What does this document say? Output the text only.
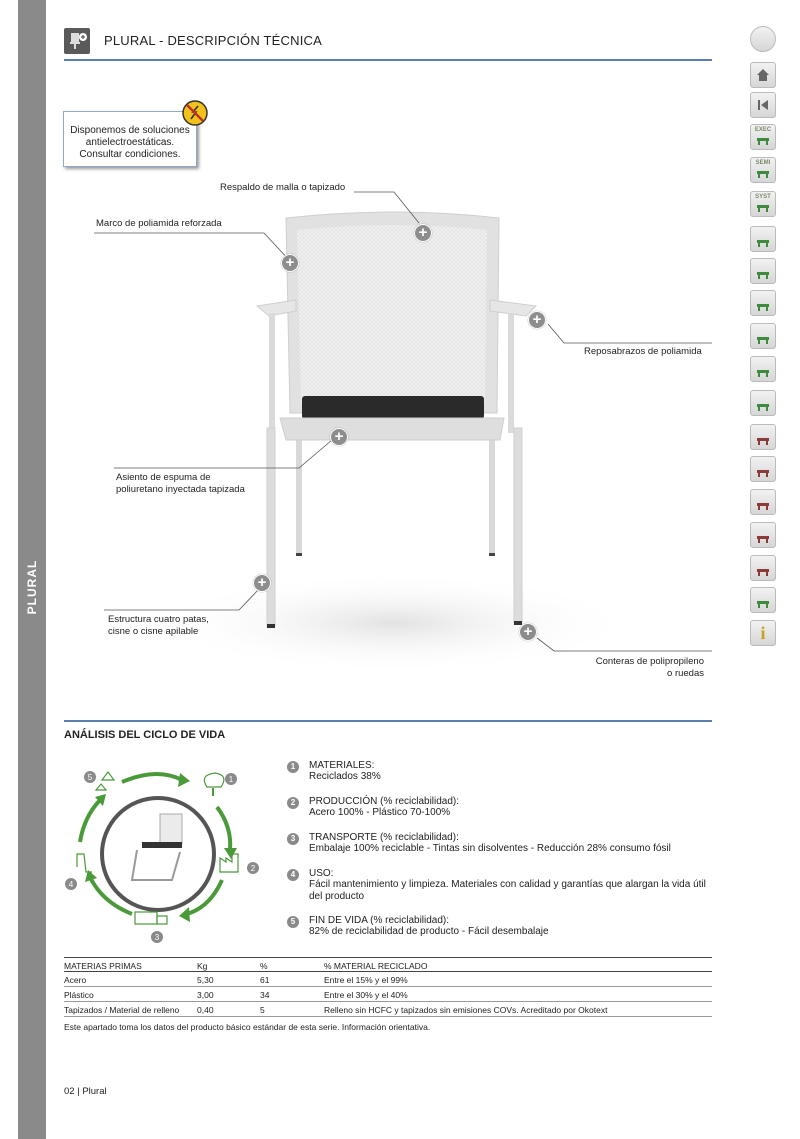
PLURAL
PLURAL - DESCRIPCIÓN TÉCNICA
EXEC
SEMI
SYST
i
Disponemos de soluciones antielectroestáticas. Consultar condiciones.
Respaldo de malla o tapizado
Marco de poliamida reforzada
Reposabrazos de poliamida
Asiento de espuma de
poliuretano inyectada tapizada
Estructura cuatro patas,
cisne o cisne apilable
Conteras de polipropileno
o ruedas
+
+
+
+
+
+
ANÁLISIS DEL CICLO DE VIDA
1
2
3
4
5
1	MATERIALES:
Reciclados 38%
2	PRODUCCIÓN (% reciclabilidad):
Acero 100% - Plástico 70-100%
3	TRANSPORTE (% reciclabilidad):
Embalaje 100% reciclable - Tintas sin disolventes - Reducción 28% consumo fósil
4	USO:
Fácil mantenimiento y limpieza. Materiales con calidad y garantías que alargan la vida útil del producto
5	FIN DE VIDA (% reciclabilidad):
82% de reciclabilidad de producto - Fácil desembalaje
MATERIAS PRIMAS	Kg	%	% MATERIAL RECICLADO
Acero	5,30	61	Entre el 15% y el 99%
Plástico	3,00	34	Entre el 30% y el 40%
Tapizados / Material de relleno 0,40	5	Relleno sin HCFC y tapizados sin emisiones COVs. Acreditado por Okotext
Este apartado toma los datos del producto básico estándar de esta serie. Información orientativa.
02 | Plural
